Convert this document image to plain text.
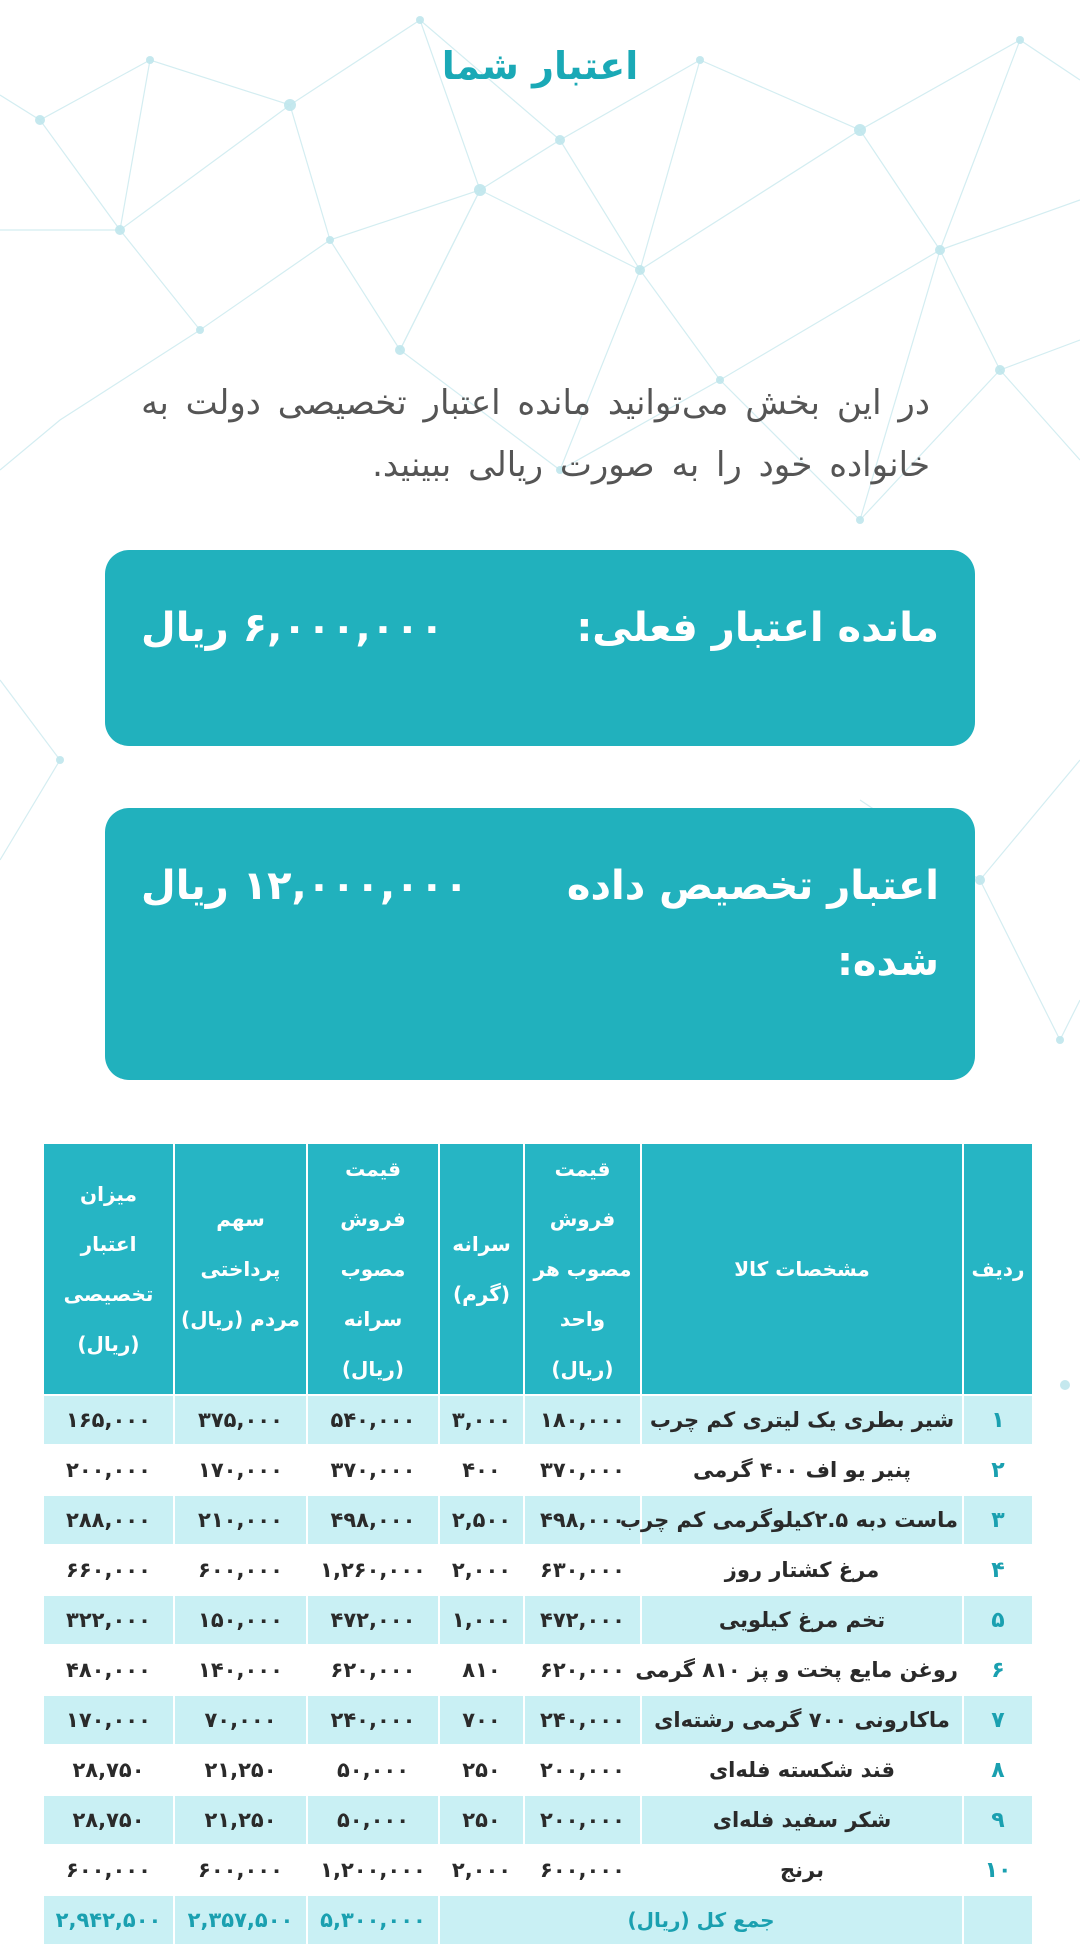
اعتبار شما
در این بخش می‌توانید مانده اعتبار تخصیصی دولت به خانواده خود را به صورت ریالی ببینید.
مانده اعتبار فعلی:
۶,۰۰۰,۰۰۰ ریال
اعتبار تخصیص داده شده:
۱۲,۰۰۰,۰۰۰ ریال
ردیف	مشخصات کالا	قیمت فروش مصوب هر واحد (ریال)	سرانه (گرم)	قیمت فروش مصوب سرانه (ریال)	سهم پرداختی مردم (ریال)	میزان اعتبار تخصیصی (ریال)
۱	شیر بطری یک لیتری کم چرب	۱۸۰,۰۰۰	۳,۰۰۰	۵۴۰,۰۰۰	۳۷۵,۰۰۰	۱۶۵,۰۰۰
۲	پنیر یو اف ۴۰۰ گرمی	۳۷۰,۰۰۰	۴۰۰	۳۷۰,۰۰۰	۱۷۰,۰۰۰	۲۰۰,۰۰۰
۳	ماست دبه ۲.۵کیلوگرمی کم چرب	۴۹۸,۰۰۰	۲,۵۰۰	۴۹۸,۰۰۰	۲۱۰,۰۰۰	۲۸۸,۰۰۰
۴	مرغ کشتار روز	۶۳۰,۰۰۰	۲,۰۰۰	۱,۲۶۰,۰۰۰	۶۰۰,۰۰۰	۶۶۰,۰۰۰
۵	تخم مرغ کیلویی	۴۷۲,۰۰۰	۱,۰۰۰	۴۷۲,۰۰۰	۱۵۰,۰۰۰	۳۲۲,۰۰۰
۶	روغن مایع پخت و پز ۸۱۰ گرمی	۶۲۰,۰۰۰	۸۱۰	۶۲۰,۰۰۰	۱۴۰,۰۰۰	۴۸۰,۰۰۰
۷	ماکارونی ۷۰۰ گرمی رشته‌ای	۲۴۰,۰۰۰	۷۰۰	۲۴۰,۰۰۰	۷۰,۰۰۰	۱۷۰,۰۰۰
۸	قند شکسته فله‌ای	۲۰۰,۰۰۰	۲۵۰	۵۰,۰۰۰	۲۱,۲۵۰	۲۸,۷۵۰
۹	شکر سفید فله‌ای	۲۰۰,۰۰۰	۲۵۰	۵۰,۰۰۰	۲۱,۲۵۰	۲۸,۷۵۰
۱۰	برنج	۶۰۰,۰۰۰	۲,۰۰۰	۱,۲۰۰,۰۰۰	۶۰۰,۰۰۰	۶۰۰,۰۰۰
	جمع کل (ریال)			۵,۳۰۰,۰۰۰	۲,۳۵۷,۵۰۰	۲,۹۴۲,۵۰۰
